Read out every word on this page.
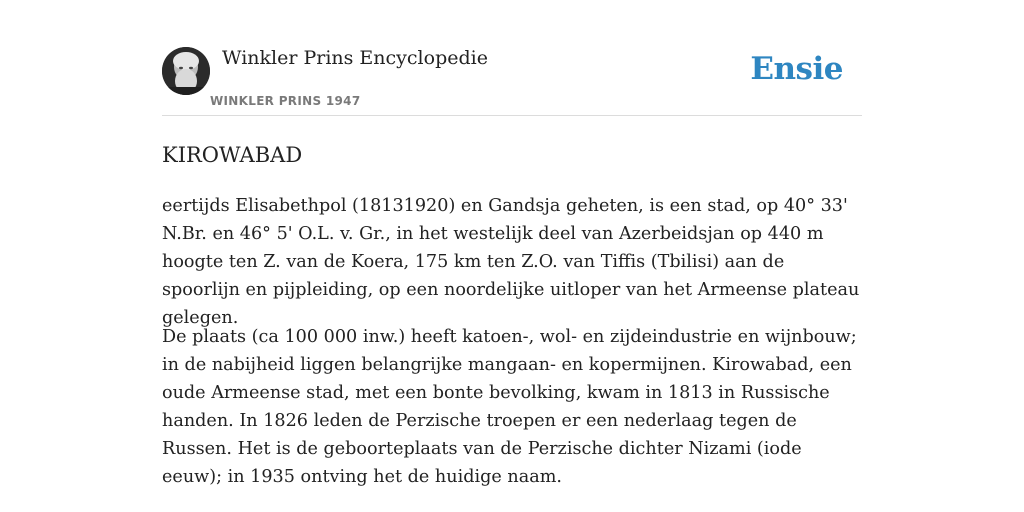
Winkler Prins Encyclopedie
WINKLER PRINS 1947
Ensie
KIROWABAD

eertijds Elisabethpol (18131920) en Gandsja geheten, is een stad, op 40° 33' N.Br. en 46° 5' O.L. v. Gr., in het westelijk deel van Azerbeidsjan op 440 m hoogte ten Z. van de Koera, 175 km ten Z.O. van Tiffis (Tbilisi) aan de spoorlijn en pijpleiding, op een noordelijke uitloper van het Armeense plateau gelegen.

De plaats (ca 100 000 inw.) heeft katoen-, wol- en zijdeindustrie en wijnbouw; in de nabijheid liggen belangrijke mangaan- en kopermijnen. Kirowabad, een oude Armeense stad, met een bonte bevolking, kwam in 1813 in Russische handen. In 1826 leden de Perzische troepen er een nederlaag tegen de Russen. Het is de geboorteplaats van de Perzische dichter Nizami (iode eeuw); in 1935 ontving het de huidige naam.
